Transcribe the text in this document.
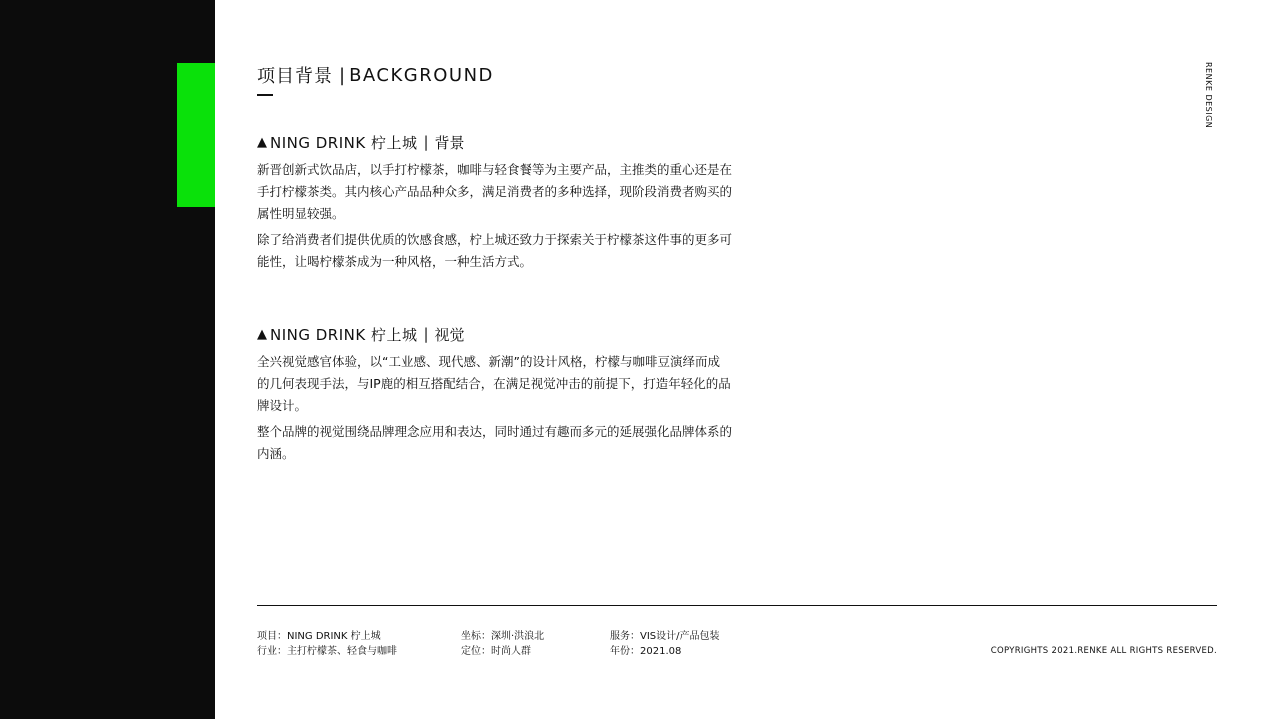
项目背景 | BACKGROUND	RENKE DESIGN
▲ NING DRINK 柠上城 | 背景

新晋创新式饮品店，以手打柠檬茶，咖啡与轻食餐等为主要产品，主推类的重心还是在手打柠檬茶类。其内核心产品品种众多，满足消费者的多种选择，现阶段消费者购买的属性明显较强。

除了给消费者们提供优质的饮感食感，柠上城还致力于探索关于柠檬茶这件事的更多可能性，让喝柠檬茶成为一种风格，一种生活方式。

▲ NING DRINK 柠上城 | 视觉

全兴视觉感官体验，以“工业感、现代感、新潮”的设计风格，柠檬与咖啡豆演绎而成的几何表现手法，与IP鹿的相互搭配结合，在满足视觉冲击的前提下，打造年轻化的品牌设计。

整个品牌的视觉围绕品牌理念应用和表达，同时通过有趣而多元的延展强化品牌体系的内涵。

项目：NING DRINK 柠上城
行业：主打柠檬茶、轻食与咖啡
坐标：深圳·洪浪北
定位：时尚人群
服务：VIS设计/产品包装
年份：2021.08	COPYRIGHTS 2021.RENKE ALL RIGHTS RESERVED.
